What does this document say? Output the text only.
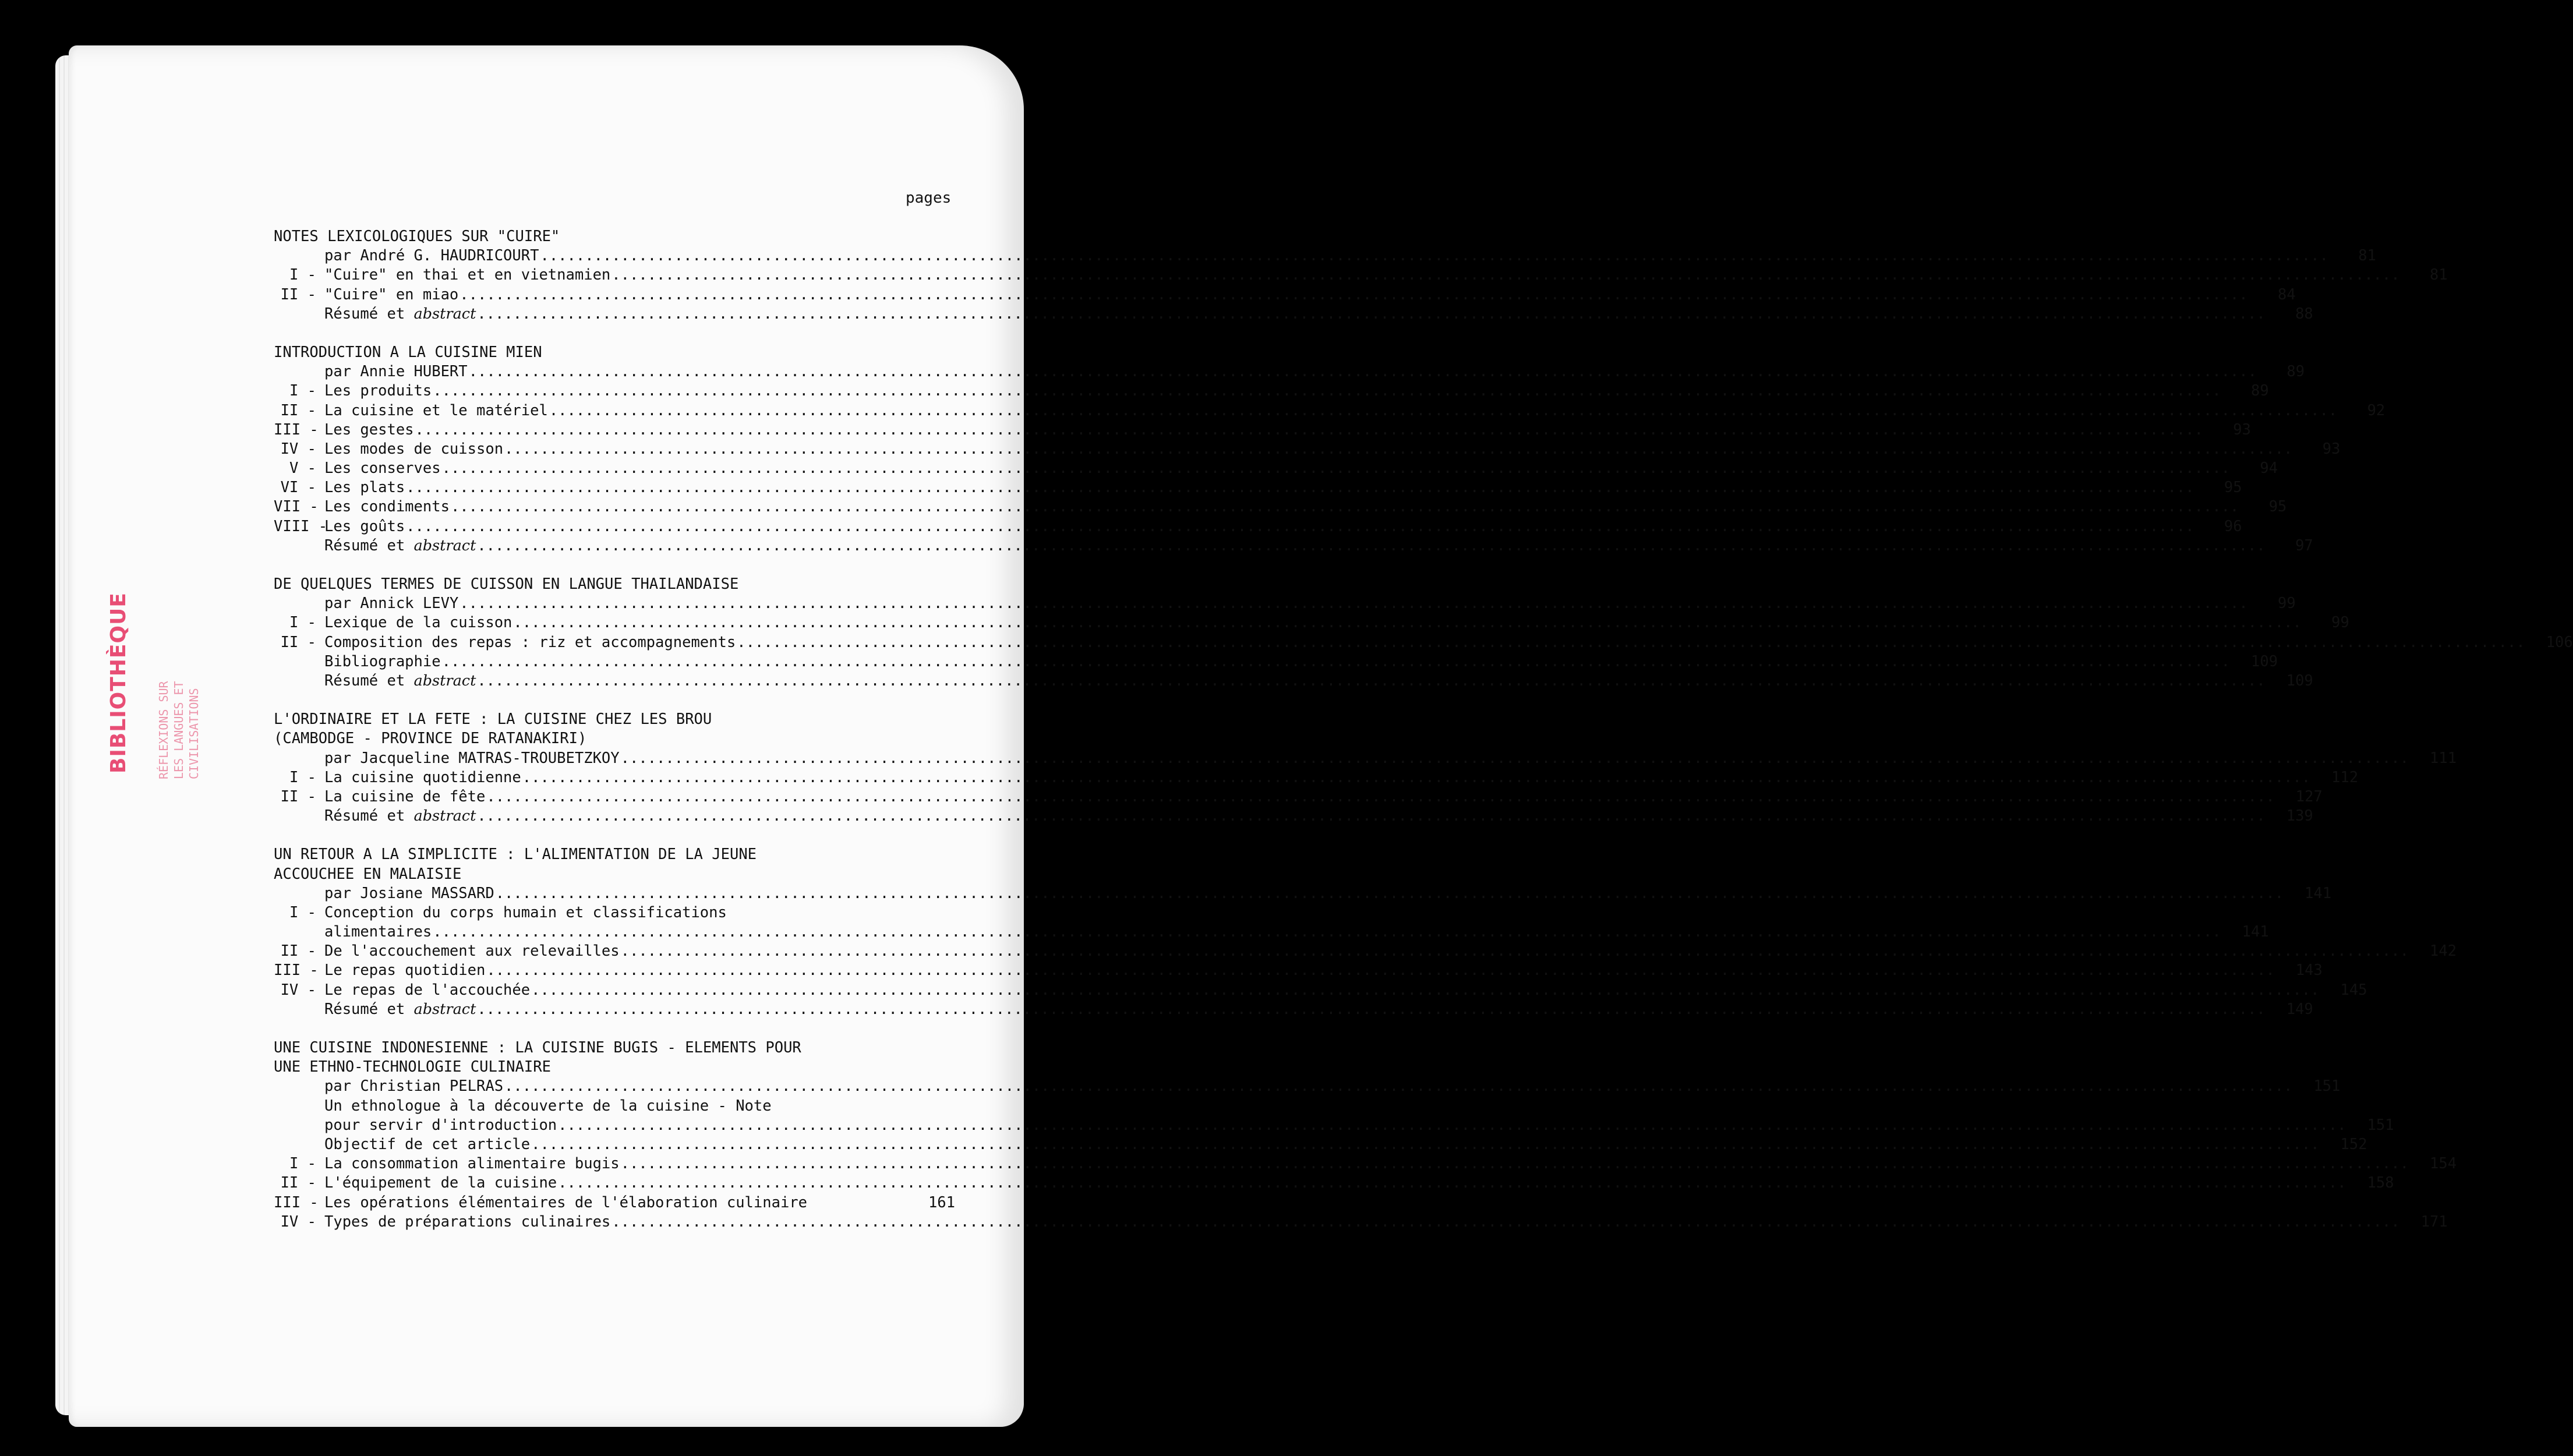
BIBLIOTHÈQUE RÉFLEXIONS SUR LES LANGUES ET CIVILISATIONS
pages
NOTES LEXICOLOGIQUES SUR "CUIRE"
par André G. HAUDRICOURT ........................................................................................................................................................................................................	81
I - "Cuire" en thai et en vietnamien ........................................................................................................................................................................................................	81
II - "Cuire" en miao ........................................................................................................................................................................................................	84
Résumé et abstract ........................................................................................................................................................................................................	88
INTRODUCTION A LA CUISINE MIEN
par Annie HUBERT ........................................................................................................................................................................................................	89
I - Les produits ........................................................................................................................................................................................................	89
II - La cuisine et le matériel ........................................................................................................................................................................................................	92
III - Les gestes ........................................................................................................................................................................................................	93
IV - Les modes de cuisson ........................................................................................................................................................................................................	93
V - Les conserves ........................................................................................................................................................................................................	94
VI - Les plats ........................................................................................................................................................................................................	95
VII - Les condiments ........................................................................................................................................................................................................	95
VIII -
Les goûts ........................................................................................................................................................................................................	96
Résumé et abstract ........................................................................................................................................................................................................	97
DE QUELQUES TERMES DE CUISSON EN LANGUE THAILANDAISE
par Annick LEVY ........................................................................................................................................................................................................	99
I - Lexique de la cuisson ........................................................................................................................................................................................................	99
II - Composition des repas : riz et accompagnements ........................................................................................................................................................................................................	106
Bibliographie ........................................................................................................................................................................................................	109
Résumé et abstract ........................................................................................................................................................................................................	109
L'ORDINAIRE ET LA FETE : LA CUISINE CHEZ LES BROU
(CAMBODGE - PROVINCE DE RATANAKIRI)
par Jacqueline MATRAS-TROUBETZKOY ........................................................................................................................................................................................................	111
I - La cuisine quotidienne ........................................................................................................................................................................................................	112
II - La cuisine de fête ........................................................................................................................................................................................................	127
Résumé et abstract ........................................................................................................................................................................................................	139
UN RETOUR A LA SIMPLICITE : L'ALIMENTATION DE LA JEUNE
ACCOUCHEE EN MALAISIE
par Josiane MASSARD ........................................................................................................................................................................................................	141
I - Conception du corps humain et classifications
alimentaires ........................................................................................................................................................................................................	141
II - De l'accouchement aux relevailles ........................................................................................................................................................................................................	142
III - Le repas quotidien ........................................................................................................................................................................................................	143
IV - Le repas de l'accouchée ........................................................................................................................................................................................................	145
Résumé et abstract ........................................................................................................................................................................................................	149
UNE CUISINE INDONESIENNE : LA CUISINE BUGIS - ELEMENTS POUR
UNE ETHNO-TECHNOLOGIE CULINAIRE
par Christian PELRAS ........................................................................................................................................................................................................	151
Un ethnologue à la découverte de la cuisine - Note
pour servir d'introduction ........................................................................................................................................................................................................	151
Objectif de cet article ........................................................................................................................................................................................................	152
I - La consommation alimentaire bugis ........................................................................................................................................................................................................	154
II - L'équipement de la cuisine ........................................................................................................................................................................................................	158
III - Les opérations élémentaires de l'élaboration culinaire	161
IV - Types de préparations culinaires ........................................................................................................................................................................................................	171
